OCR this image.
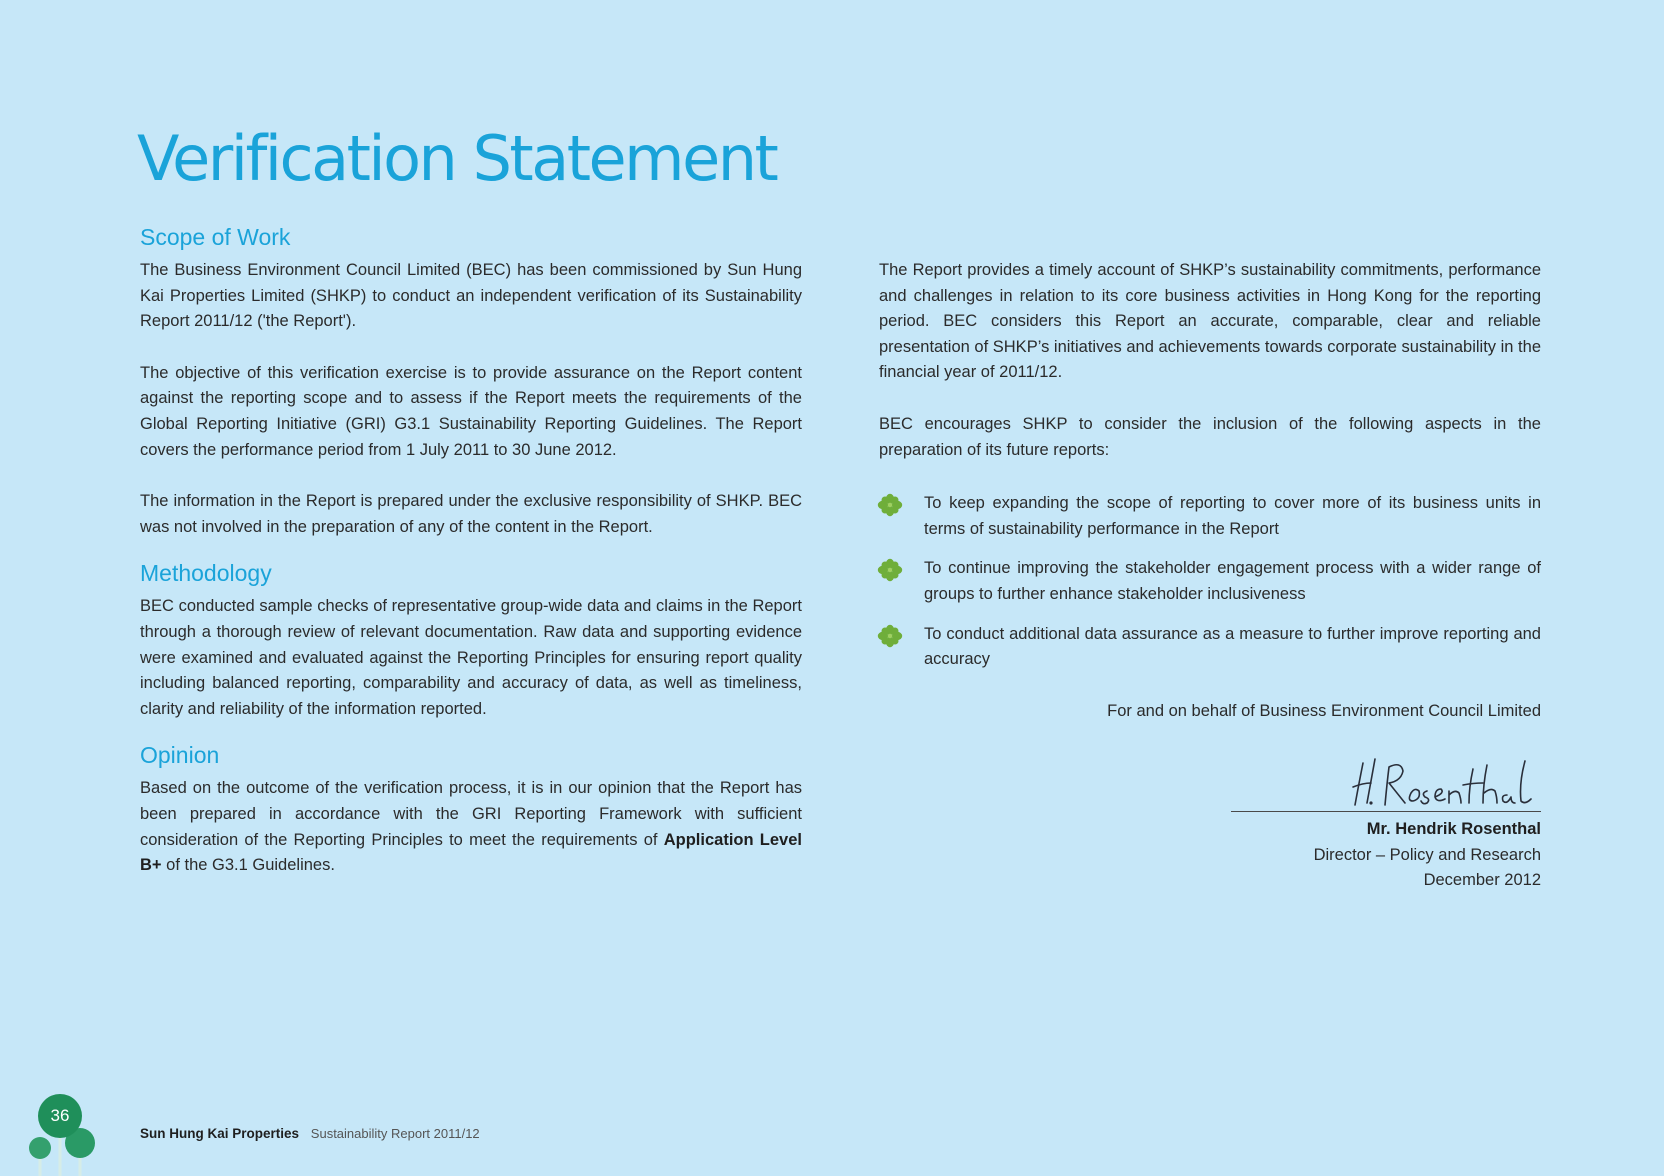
Verification Statement
Scope of Work

The Business Environment Council Limited (BEC) has been commissioned by Sun Hung Kai Properties Limited (SHKP) to conduct an independent verification of its Sustainability Report 2011/12 ('the Report').

The objective of this verification exercise is to provide assurance on the Report content against the reporting scope and to assess if the Report meets the requirements of the Global Reporting Initiative (GRI) G3.1 Sustainability Reporting Guidelines. The Report covers the performance period from 1 July 2011 to 30 June 2012.

The information in the Report is prepared under the exclusive responsibility of SHKP. BEC was not involved in the preparation of any of the content in the Report.

Methodology

BEC conducted sample checks of representative group-wide data and claims in the Report through a thorough review of relevant documentation. Raw data and supporting evidence were examined and evaluated against the Reporting Principles for ensuring report quality including balanced reporting, comparability and accuracy of data, as well as timeliness, clarity and reliability of the information reported.

Opinion

Based on the outcome of the verification process, it is in our opinion that the Report has been prepared in accordance with the GRI Reporting Framework with sufficient consideration of the Reporting Principles to meet the requirements of Application Level B+ of the G3.1 Guidelines.

The Report provides a timely account of SHKP’s sustainability commitments, performance and challenges in relation to its core business activities in Hong Kong for the reporting period. BEC considers this Report an accurate, comparable, clear and reliable presentation of SHKP’s initiatives and achievements towards corporate sustainability in the financial year of 2011/12.

BEC encourages SHKP to consider the inclusion of the following aspects in the preparation of its future reports:

To keep expanding the scope of reporting to cover more of its business units in terms of sustainability performance in the Report
To continue improving the stakeholder engagement process with a wider range of groups to further enhance stakeholder inclusiveness
To conduct additional data assurance as a measure to further improve reporting and accuracy
For and on behalf of Business Environment Council Limited
Mr. Hendrik Rosenthal
Director – Policy and Research
December 2012
36
Sun Hung Kai Properties Sustainability Report 2011/12
